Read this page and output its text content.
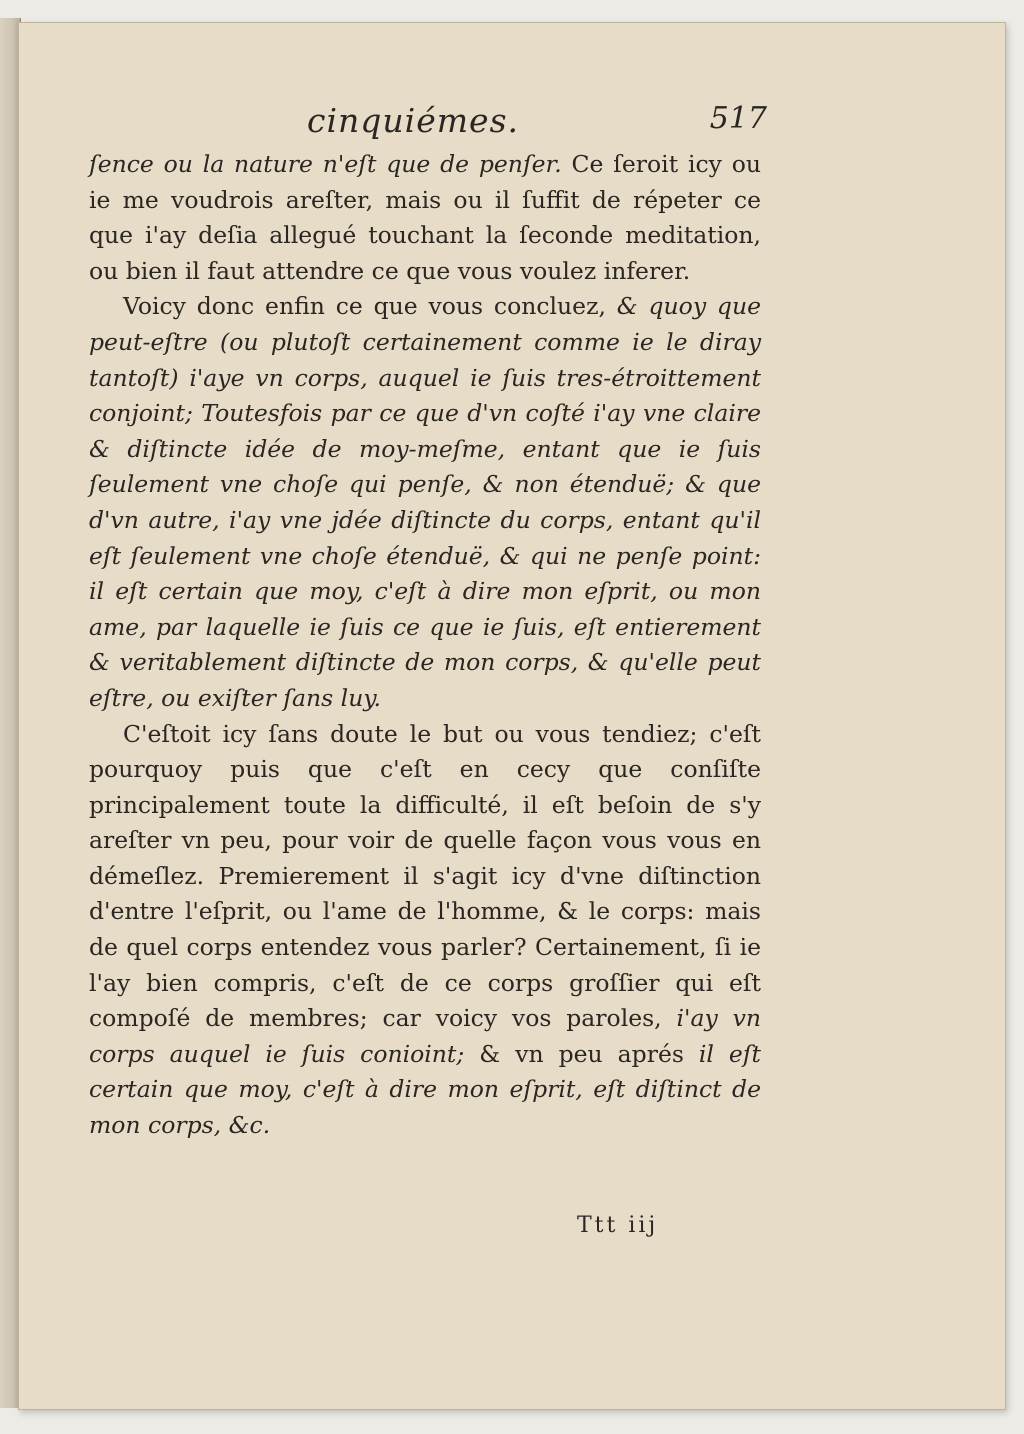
cinquiémes.	517

ſence ou la nature n'eſt que de penſer. Ce ſeroit icy ou ie me voudrois areſter, mais ou il ſuffit de répeter ce que i'ay deſia allegué touchant la ſeconde meditation, ou bien il faut attendre ce que vous voulez inferer.

Voicy donc enfin ce que vous concluez, & quoy que peut-eſtre (ou plutoſt certainement comme ie le diray tantoſt) i'aye vn corps, auquel ie ſuis tres-étroittement conjoint; Toutesfois par ce que d'vn coſté i'ay vne claire & diſtincte idée de moy-meſme, entant que ie ſuis ſeulement vne choſe qui penſe, & non étenduë; & que d'vn autre, i'ay vne jdée diſtincte du corps, entant qu'il eſt ſeulement vne choſe étenduë, & qui ne penſe point: il eſt certain que moy, c'eſt à dire mon eſprit, ou mon ame, par laquelle ie ſuis ce que ie ſuis, eſt entierement & veritablement diſtincte de mon corps, & qu'elle peut eſtre, ou exiſter ſans luy.

C'eſtoit icy ſans doute le but ou vous tendiez; c'eſt pourquoy puis que c'eſt en cecy que conſiſte principalement toute la difficulté, il eſt beſoin de s'y areſter vn peu, pour voir de quelle façon vous vous en démeſlez. Premierement il s'agit icy d'vne diſtinction d'entre l'eſprit, ou l'ame de l'homme, & le corps: mais de quel corps entendez vous parler? Certainement, ſi ie l'ay bien compris, c'eſt de ce corps groſſier qui eſt compoſé de membres; car voicy vos paroles, i'ay vn corps auquel ie ſuis conioint; & vn peu aprés il eſt certain que moy, c'eſt à dire mon eſprit, eſt diſtinct de mon corps, &c.

Ttt iij
